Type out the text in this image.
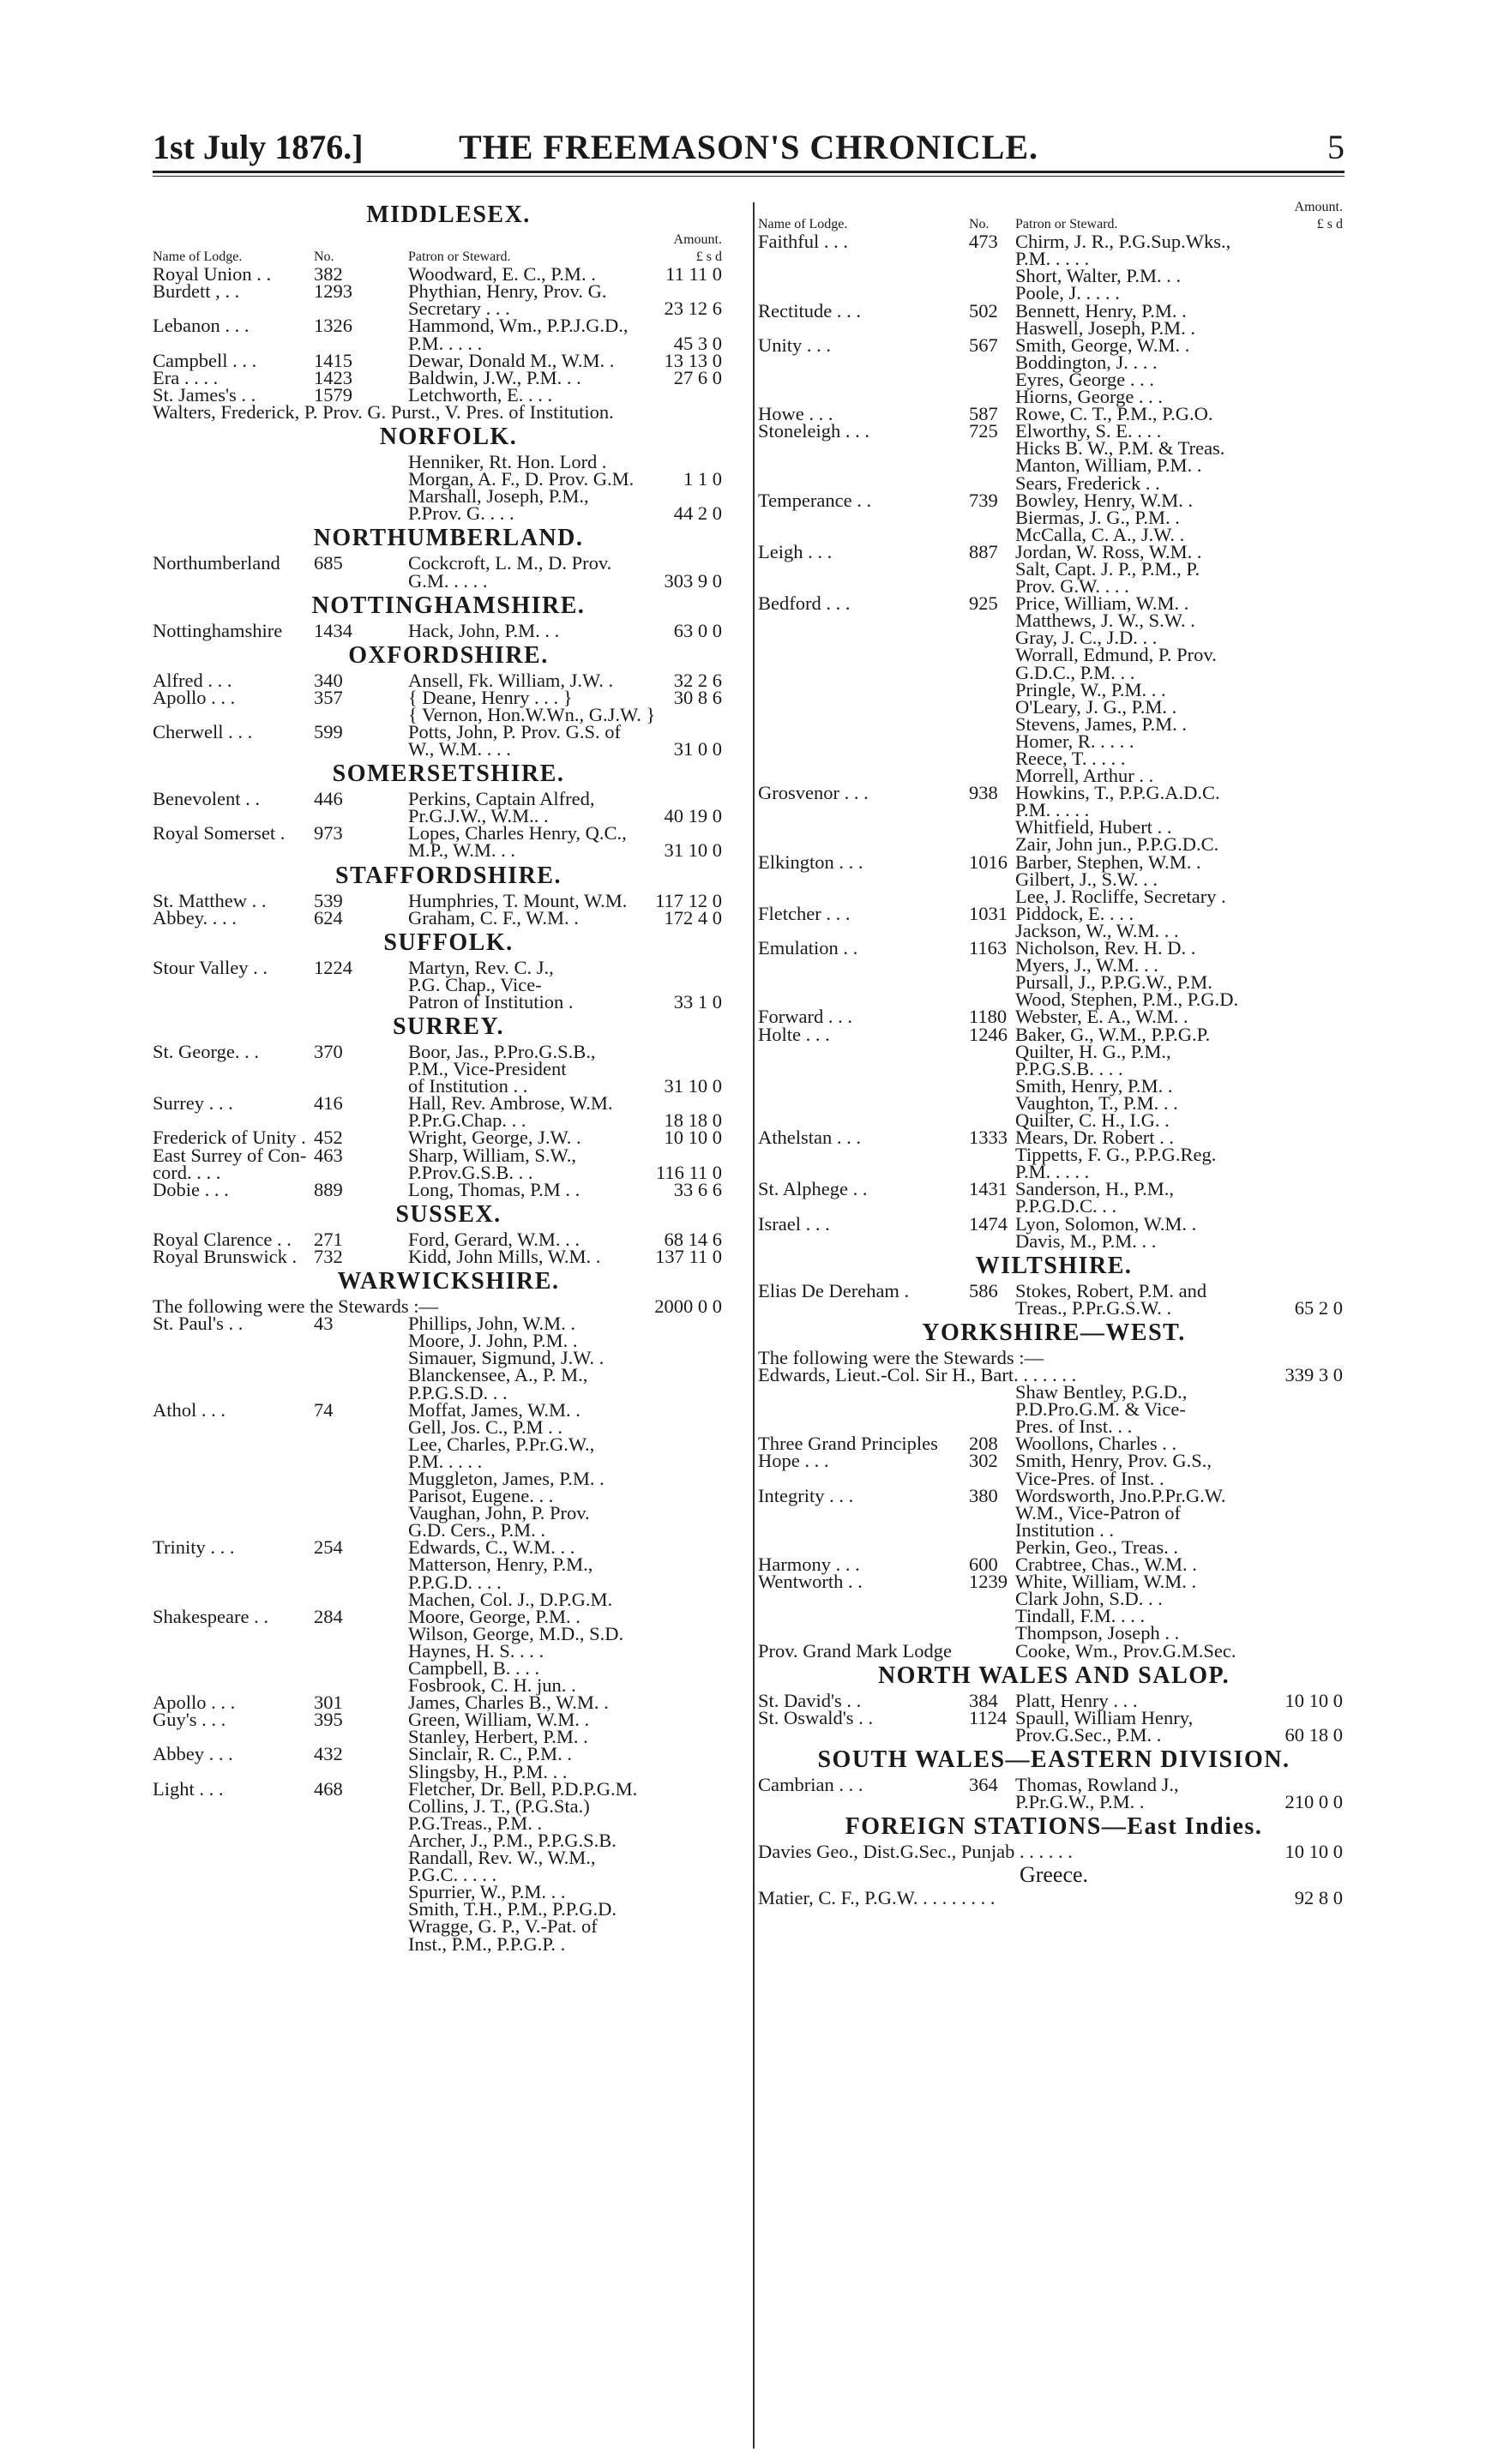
1st July 1876.]	THE FREEMASON'S CHRONICLE.	5
MIDDLESEX.
Amount.
Name of Lodge.	No.	Patron or Steward.	£ s d
Royal Union . . 382	Woodward, E. C., P.M. .	11 11 0
Burdett , . .	1293	Phythian, Henry, Prov. G.
Secretary . . .	23 12 6
Lebanon . . .	1326	Hammond, Wm., P.P.J.G.D.,
P.M. . . . .	45 3 0
Campbell . . .	1415	Dewar, Donald M., W.M. .	13 13 0
Era . . . .	1423	Baldwin, J.W., P.M. . .	27 6 0
St. James's . .	1579	Letchworth, E. . . .
Walters, Frederick, P. Prov. G. Purst., V. Pres. of Institution.
NORFOLK.
Henniker, Rt. Hon. Lord .
Morgan, A. F., D. Prov. G.M.	1 1 0
Marshall, Joseph, P.M.,
P.Prov. G. . . .	44 2 0
NORTHUMBERLAND.
Northumberland 685	Cockcroft, L. M., D. Prov.
G.M. . . . .	303 9 0
NOTTINGHAMSHIRE.
Nottinghamshire 1434	Hack, John, P.M. . .	63 0 0
OXFORDSHIRE.
Alfred . . .	340	Ansell, Fk. William, J.W. .	32 2 6
Apollo . . .	357	{ Deane, Henry . . . }	30 8 6
{ Vernon, Hon.W.Wn., G.J.W. }
Cherwell . . .	599	Potts, John, P. Prov. G.S. of
W., W.M. . . .	31 0 0
SOMERSETSHIRE.
Benevolent . .	446	Perkins, Captain Alfred,
Pr.G.J.W., W.M.. .	40 19 0
Royal Somerset . 973	Lopes, Charles Henry, Q.C.,
M.P., W.M. . .	31 10 0
STAFFORDSHIRE.
St. Matthew . . 539	Humphries, T. Mount, W.M.	117 12 0
Abbey. . . .	624	Graham, C. F., W.M. .	172 4 0
SUFFOLK.
Stour Valley . . 1224	Martyn, Rev. C. J.,
P.G. Chap., Vice-
Patron of Institution .	33 1 0
SURREY.
St. George. . .	370	Boor, Jas., P.Pro.G.S.B.,
P.M., Vice-President
of Institution . .	31 10 0
Surrey . . .	416	Hall, Rev. Ambrose, W.M.
P.Pr.G.Chap. . .	18 18 0
Frederick of Unity . 452	Wright, George, J.W. .	10 10 0
East Surrey of Con- 463	Sharp, William, S.W.,
cord. . . .	P.Prov.G.S.B. . .	116 11 0
Dobie . . .	889	Long, Thomas, P.M . .	33 6 6
SUSSEX.
Royal Clarence . . 271	Ford, Gerard, W.M. . .	68 14 6
Royal Brunswick . 732	Kidd, John Mills, W.M. .	137 11 0
WARWICKSHIRE.
The following were the Stewards :—	2000 0 0
St. Paul's . .	43	Phillips, John, W.M. .
Moore, J. John, P.M. .
Simauer, Sigmund, J.W. .
Blanckensee, A., P. M.,
P.P.G.S.D. . .
Athol . . .	74	Moffat, James, W.M. .
Gell, Jos. C., P.M . .
Lee, Charles, P.Pr.G.W.,
P.M. . . . .
Muggleton, James, P.M. .
Parisot, Eugene. . .
Vaughan, John, P. Prov.
G.D. Cers., P.M. .
Trinity . . .	254	Edwards, C., W.M. . .
Matterson, Henry, P.M.,
P.P.G.D. . . .
Machen, Col. J., D.P.G.M.
Shakespeare . . 284	Moore, George, P.M. .
Wilson, George, M.D., S.D.
Haynes, H. S. . . .
Campbell, B. . . .
Fosbrook, C. H. jun. .
Apollo . . .	301	James, Charles B., W.M. .
Guy's . . .	395	Green, William, W.M. .
Stanley, Herbert, P.M. .
Abbey . . .	432	Sinclair, R. C., P.M. .
Slingsby, H., P.M. . .
Light . . .	468	Fletcher, Dr. Bell, P.D.P.G.M.
Collins, J. T., (P.G.Sta.)
P.G.Treas., P.M. .
Archer, J., P.M., P.P.G.S.B.
Randall, Rev. W., W.M.,
P.G.C. . . . .
Spurrier, W., P.M. . .
Smith, T.H., P.M., P.P.G.D.
Wragge, G. P., V.-Pat. of
Inst., P.M., P.P.G.P. .
Amount.
Name of Lodge.	No. Patron or Steward.	£ s d
Faithful . . .	473 Chirm, J. R., P.G.Sup.Wks.,
P.M. . . . .
Short, Walter, P.M. . .
Poole, J. . . . .
Rectitude . . .	502 Bennett, Henry, P.M. .
Haswell, Joseph, P.M. .
Unity . . .	567 Smith, George, W.M. .
Boddington, J. . . .
Eyres, George . . .
Hiorns, George . . .
Howe . . .	587 Rowe, C. T., P.M., P.G.O.
Stoneleigh . . .	725 Elworthy, S. E. . . .
Hicks B. W., P.M. & Treas.
Manton, William, P.M. .
Sears, Frederick . .
Temperance . .	739 Bowley, Henry, W.M. .
Biermas, J. G., P.M. .
McCalla, C. A., J.W. .
Leigh . . .	887 Jordan, W. Ross, W.M. .
Salt, Capt. J. P., P.M., P.
Prov. G.W. . . .
Bedford . . .	925 Price, William, W.M. .
Matthews, J. W., S.W. .
Gray, J. C., J.D. . .
Worrall, Edmund, P. Prov.
G.D.C., P.M. . .
Pringle, W., P.M. . .
O'Leary, J. G., P.M. .
Stevens, James, P.M. .
Homer, R. . . . .
Reece, T. . . . .
Morrell, Arthur . .
Grosvenor . . .	938 Howkins, T., P.P.G.A.D.C.
P.M. . . . .
Whitfield, Hubert . .
Zair, John jun., P.P.G.D.C.
Elkington . . .	1016 Barber, Stephen, W.M. .
Gilbert, J., S.W. . .
Lee, J. Rocliffe, Secretary .
Fletcher . . .	1031 Piddock, E. . . .
Jackson, W., W.M. . .
Emulation . .	1163 Nicholson, Rev. H. D. .
Myers, J., W.M. . .
Pursall, J., P.P.G.W., P.M.
Wood, Stephen, P.M., P.G.D.
Forward . . .	1180 Webster, E. A., W.M. .
Holte . . .	1246 Baker, G., W.M., P.P.G.P.
Quilter, H. G., P.M.,
P.P.G.S.B. . . .
Smith, Henry, P.M. .
Vaughton, T., P.M. . .
Quilter, C. H., I.G. .
Athelstan . . .	1333 Mears, Dr. Robert . .
Tippetts, F. G., P.P.G.Reg.
P.M. . . . .
St. Alphege . .	1431 Sanderson, H., P.M.,
P.P.G.D.C. . .
Israel . . .	1474 Lyon, Solomon, W.M. .
Davis, M., P.M. . .
WILTSHIRE.
Elias De Dereham .	586 Stokes, Robert, P.M. and
Treas., P.Pr.G.S.W. .	65 2 0
YORKSHIRE—WEST.
The following were the Stewards :—
Edwards, Lieut.-Col. Sir H., Bart. . . . . . .	339 3 0
Shaw Bentley, P.G.D.,
P.D.Pro.G.M. & Vice-
Pres. of Inst. . .
Three Grand Principles 208 Woollons, Charles . .
Hope . . .	302 Smith, Henry, Prov. G.S.,
Vice-Pres. of Inst. .
Integrity . . .	380 Wordsworth, Jno.P.Pr.G.W.
W.M., Vice-Patron of
Institution . .
Perkin, Geo., Treas. .
Harmony . . .	600 Crabtree, Chas., W.M. .
Wentworth . .	1239 White, William, W.M. .
Clark John, S.D. . .
Tindall, F.M. . . .
Thompson, Joseph . .
Prov. Grand Mark Lodge	Cooke, Wm., Prov.G.M.Sec.
NORTH WALES AND SALOP.
St. David's . .	384 Platt, Henry . . .	10 10 0
St. Oswald's . .	1124 Spaull, William Henry,
Prov.G.Sec., P.M. .	60 18 0
SOUTH WALES—EASTERN DIVISION.
Cambrian . . .	364 Thomas, Rowland J.,
P.Pr.G.W., P.M. .	210 0 0
FOREIGN STATIONS—East Indies.
Davies Geo., Dist.G.Sec., Punjab . . . . . .	10 10 0
Greece.
Matier, C. F., P.G.W. . . . . . . . .	92 8 0
